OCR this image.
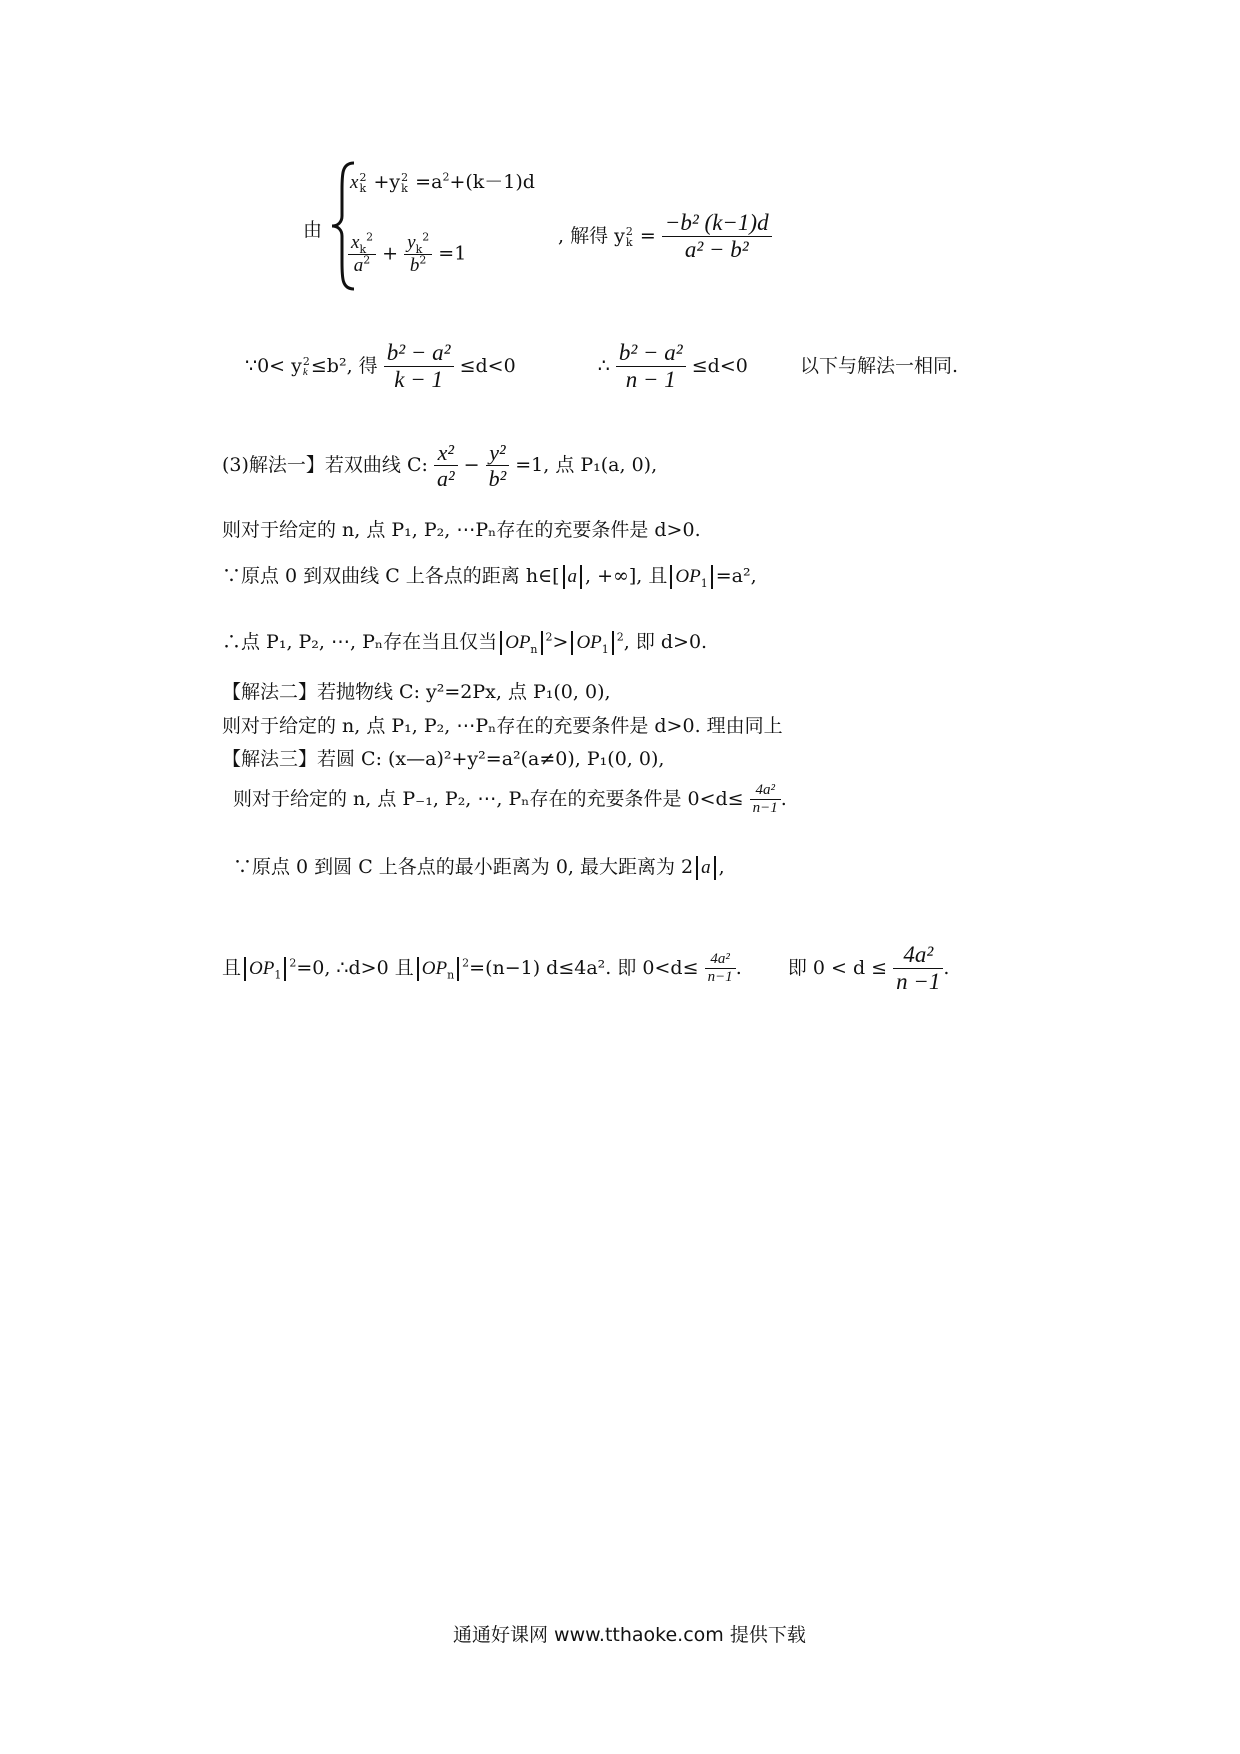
由
x 2
k +y 2
$k =a^2+(k-1)d$
$\frac{x_k^2}{a^2} + \frac{y_k^2}{b^2} =1$
, 解得 y 2
$k = \frac{\text{−b² (k−1)d}}{\text{a² − b²}}$
∵0< y 2
k ≤b², 得 $\frac{\text{b² − a²}}{k - 1} \le d<0$	∴ $\frac{\text{b² − a²}}{n - 1} \le d<0$	以下与解法一相同.
(3)解法一】若双曲线 C: $\frac{\text{x²}}{\text{a²}} - \frac{\text{y²}}{\text{b²}} =1$, 点 P₁(a, 0),
则对于给定的 n, 点 P₁, P₂, ⋯Pₙ存在的充要条件是 d>0.
∵原点 0 到双曲线 C 上各点的距离 h∈[ a , +∞], 且 $OP_1 =a^2$,
∴点 P₁, P₂, ⋯, Pₙ存在当且仅当 $OP_n^2> OP_1^2$, 即 d>0.
【解法二】若抛物线 C: y²=2Px, 点 P₁(0, 0),
则对于给定的 n, 点 P₁, P₂, ⋯Pₙ存在的充要条件是 d>0. 理由同上
【解法三】若圆 C: (x—a)²+y²=a²(a≠0), P₁(0, 0),
则对于给定的 n, 点 P₋₁, P₂, ⋯, Pₙ存在的充要条件是 $0<d\le \frac{\text{4a²}}{n-1}$ .
∵原点 0 到圆 C 上各点的最小距离为 0, 最大距离为 2 a ,
且 $OP_1^2=0$, ∴d>0 且 $OP_n^2=(n-1)$ d≤4a². 即 $0<d\le \frac{\text{4a²}}{n-1}$ . 即 $0 < d \le \frac{\text{4a²}}{n -1}$ .
通通好课网 www.tthaoke.com 提供下载
